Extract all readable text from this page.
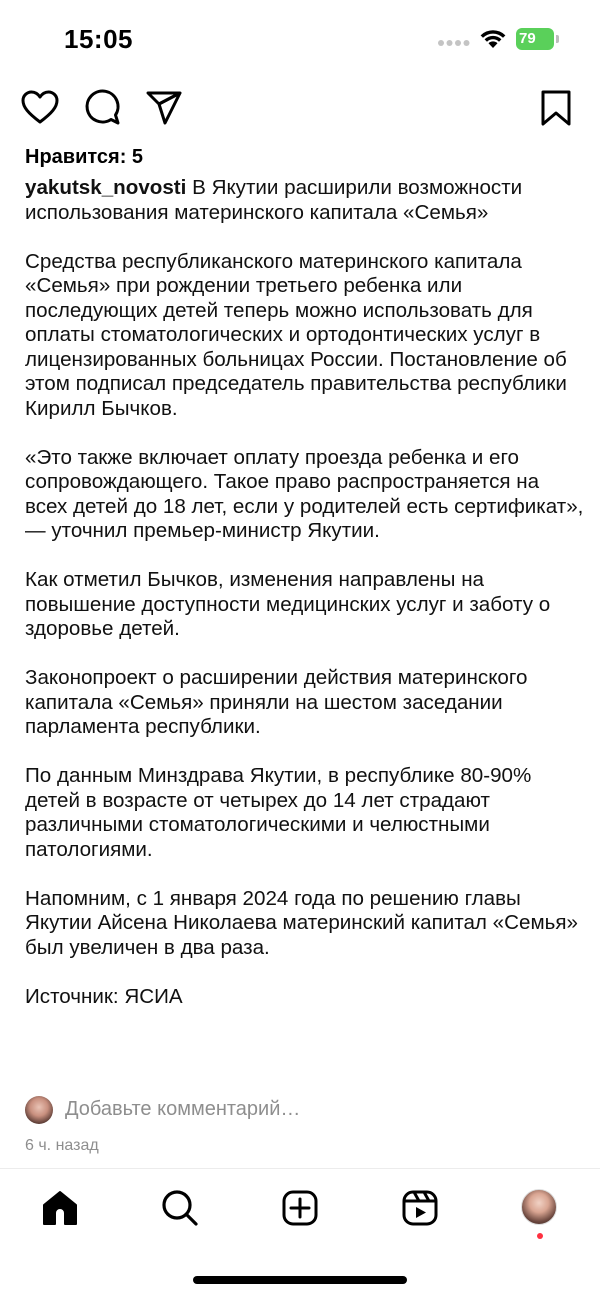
15:05	79
Нравится: 5

yakutsk_novosti В Якутии расширили возможности использования материнского капитала «Семья»

Средства республиканского материнского капитала «Семья» при рождении третьего ребенка или последующих детей теперь можно использовать для оплаты стоматологических и ортодонтических услуг в лицензированных больницах России. Постановление об этом подписал председатель правительства республики Кирилл Бычков.

«Это также включает оплату проезда ребенка и его сопровождающего. Такое право распространяется на всех детей до 18 лет, если у родителей есть сертификат», — уточнил премьер-министр Якутии.

Как отметил Бычков, изменения направлены на повышение доступности медицинских услуг и заботу о здоровье детей.

Законопроект о расширении действия материнского капитала «Семья» приняли на шестом заседании парламента республики.

По данным Минздрава Якутии, в республике 80-90% детей в возрасте от четырех до 14 лет страдают различными стоматологическими и челюстными патологиями.

Напомним, с 1 января 2024 года по решению главы Якутии Айсена Николаева материнский капитал «Семья» был увеличен в два раза.

Источник: ЯСИА

Добавьте комментарий…
6 ч. назад
